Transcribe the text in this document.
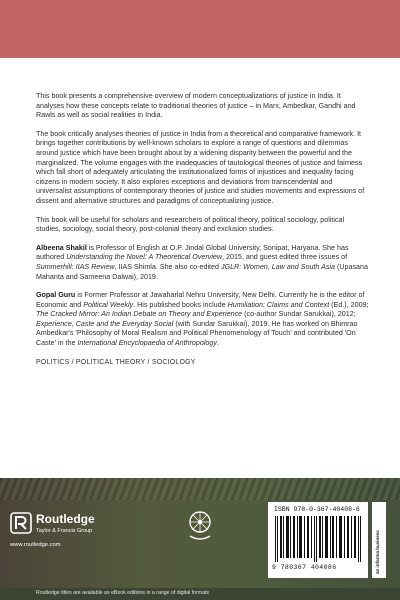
This book presents a comprehensive overview of modern conceptualizations of justice in India. It analyses how these concepts relate to traditional theories of justice – in Marx, Ambedkar, Gandhi and Rawls as well as social realities in India.

The book critically analyses theories of justice in India from a theoretical and comparative framework. It brings together contributions by well-known scholars to explore a range of questions and dilemmas around justice which have been brought about by a widening disparity between the powerful and the marginalized. The volume engages with the inadequacies of tautological theories of justice and fairness which fall short of adequately articulating the institutionalized forms of injustices and inequality facing citizens in modern society. It also explores exceptions and deviations from transcendental and universalist assumptions of contemporary theories of justice and studies movements and expressions of dissent and alternative structures and paradigms of conceptualizing justice.

This book will be useful for scholars and researchers of political theory, political sociology, political studies, sociology, social theory, post-colonial theory and exclusion studies.

Albeena Shakil is Professor of English at O.P. Jindal Global University, Sonipat, Haryana. She has authored Understanding the Novel: A Theoretical Overview, 2015, and guest edited three issues of Summerhill: IIAS Review, IIAS Shimla. She also co-edited JGLR: Women, Law and South Asia (Upasana Mahanta and Sameena Dalwai), 2019.

Gopal Guru is Former Professor at Jawaharlal Nehru University, New Delhi. Currently he is the editor of Economic and Political Weekly. His published books include Humiliation: Claims and Context (Ed.), 2009; The Cracked Mirror: An Indian Debate on Theory and Experience (co-author Sundar Sarukkai), 2012; Experience, Caste and the Everyday Social (with Sundar Sarukkai), 2019. He has worked on Bhimrao Ambedkar's 'Philosophy of Moral Realism and Political Phenomenology of Touch' and contributed 'On Caste' in the International Encyclopaedia of Anthropology.

POLITICS / POLITICAL THEORY / SOCIOLOGY
Routledge
Taylor & Francis Group
www.routledge.com
ISBN 978-0-367-40408-6
9 780367 404086	an informa business
Routledge titles are available as eBook editions in a range of digital formats
